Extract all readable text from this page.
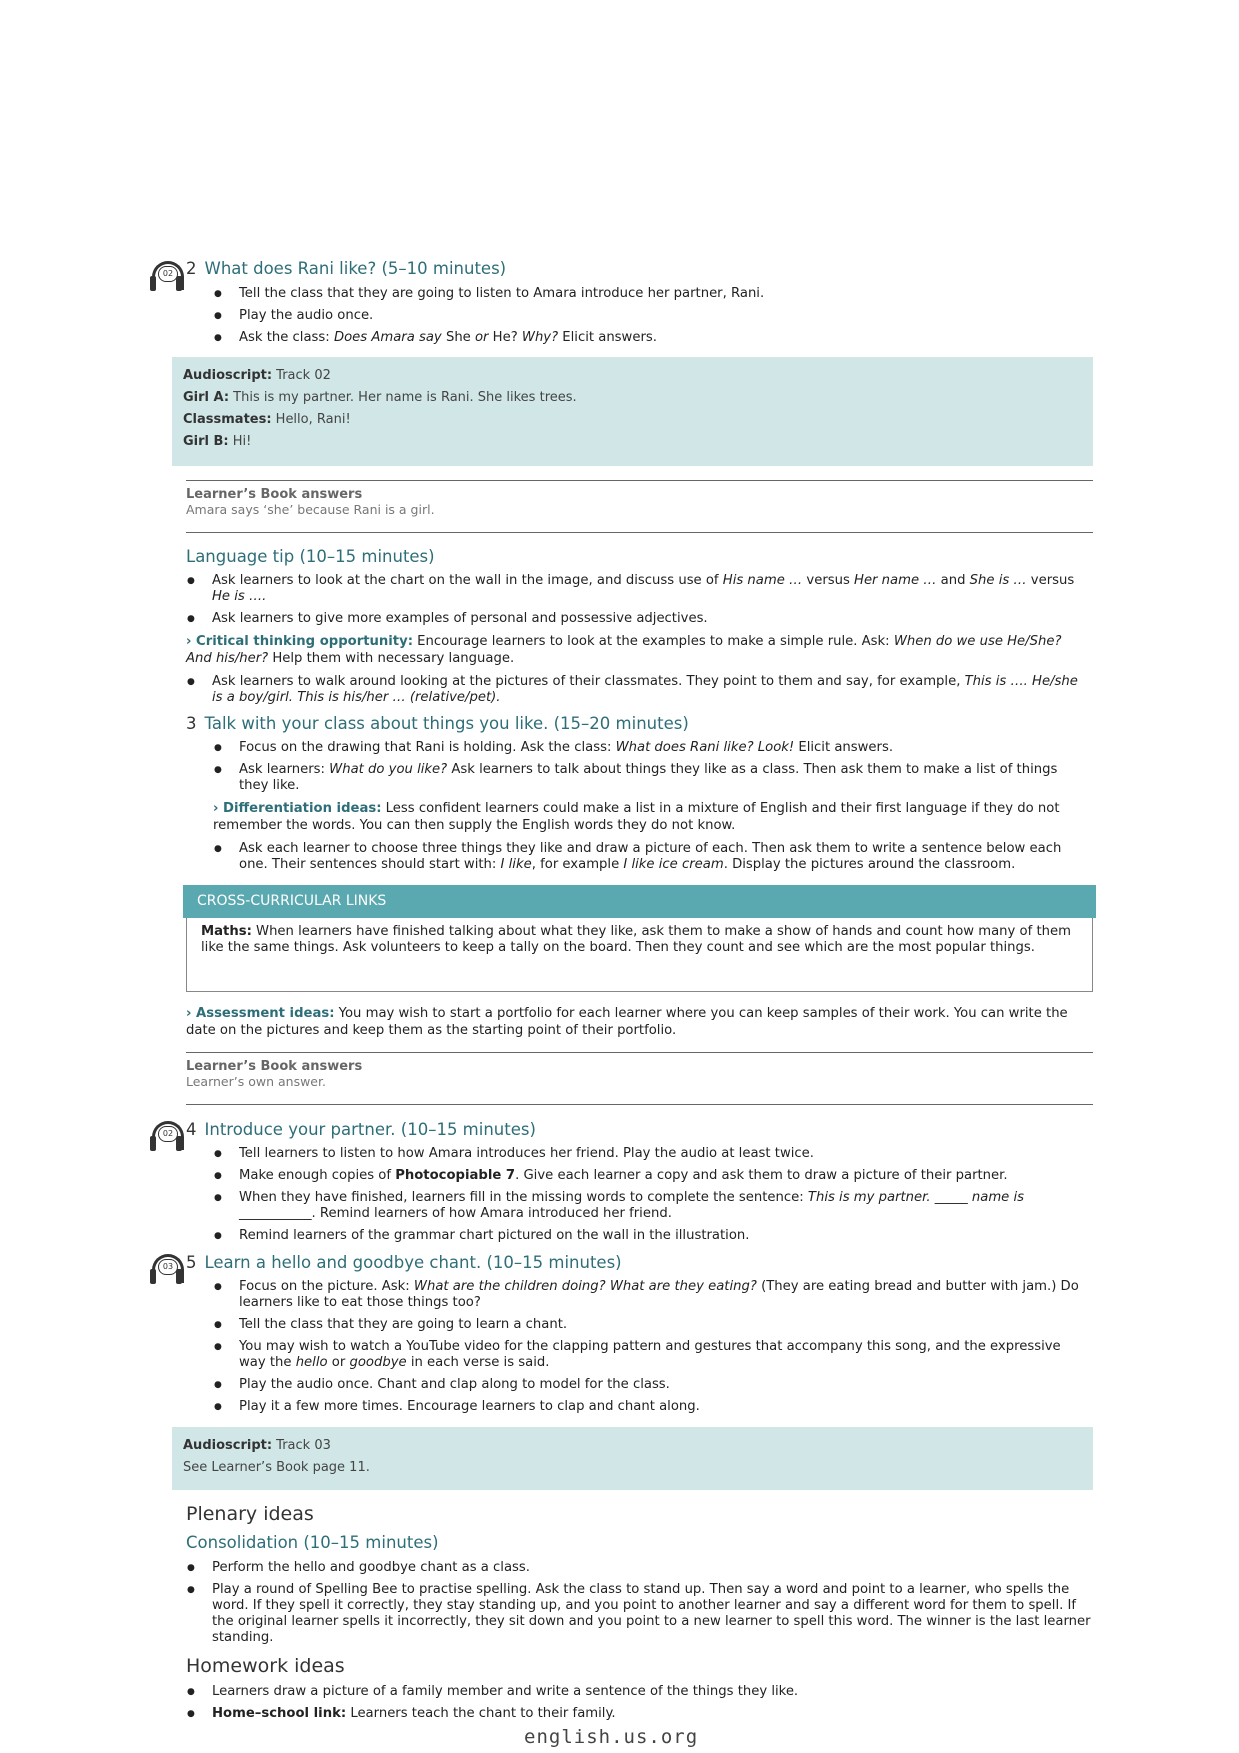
02 2 What does Rani like? (5–10 minutes)
● Tell the class that they are going to listen to Amara introduce her partner, Rani.
● Play the audio once.
● Ask the class: Does Amara say She or He? Why? Elicit answers.
Audioscript: Track 02
Girl A: This is my partner. Her name is Rani. She likes trees.
Classmates: Hello, Rani!
Girl B: Hi!
Learner’s Book answers
Amara says ‘she’ because Rani is a girl.
Language tip (10–15 minutes)
● Ask learners to look at the chart on the wall in the image, and discuss use of His name … versus Her name … and She is … versus He is ….
● Ask learners to give more examples of personal and possessive adjectives.
› Critical thinking opportunity: Encourage learners to look at the examples to make a simple rule. Ask: When do we use He/She? And his/her? Help them with necessary language.
● Ask learners to walk around looking at the pictures of their classmates. They point to them and say, for example, This is …. He/she is a boy/girl. This is his/her … (relative/pet).
3 Talk with your class about things you like. (15–20 minutes)
● Focus on the drawing that Rani is holding. Ask the class: What does Rani like? Look! Elicit answers.
● Ask learners: What do you like? Ask learners to talk about things they like as a class. Then ask them to make a list of things they like.
› Differentiation ideas: Less confident learners could make a list in a mixture of English and their first language if they do not remember the words. You can then supply the English words they do not know.
● Ask each learner to choose three things they like and draw a picture of each. Then ask them to write a sentence below each one. Their sentences should start with: I like, for example I like ice cream. Display the pictures around the classroom.
CROSS-CURRICULAR LINKS
Maths: When learners have finished talking about what they like, ask them to make a show of hands and count how many of them like the same things. Ask volunteers to keep a tally on the board. Then they count and see which are the most popular things.
› Assessment ideas: You may wish to start a portfolio for each learner where you can keep samples of their work. You can write the date on the pictures and keep them as the starting point of their portfolio.
Learner’s Book answers
Learner’s own answer.
02 4 Introduce your partner. (10–15 minutes)
● Tell learners to listen to how Amara introduces her friend. Play the audio at least twice.
● Make enough copies of Photocopiable 7. Give each learner a copy and ask them to draw a picture of their partner.
● When they have finished, learners fill in the missing words to complete the sentence: This is my partner. _____ name is ___________. Remind learners of how Amara introduced her friend.
● Remind learners of the grammar chart pictured on the wall in the illustration.
03 5 Learn a hello and goodbye chant. (10–15 minutes)
● Focus on the picture. Ask: What are the children doing? What are they eating? (They are eating bread and butter with jam.) Do learners like to eat those things too?
● Tell the class that they are going to learn a chant.
● You may wish to watch a YouTube video for the clapping pattern and gestures that accompany this song, and the expressive way the hello or goodbye in each verse is said.
● Play the audio once. Chant and clap along to model for the class.
● Play it a few more times. Encourage learners to clap and chant along.
Audioscript: Track 03
See Learner’s Book page 11.
Plenary ideas
Consolidation (10–15 minutes)
● Perform the hello and goodbye chant as a class.
● Play a round of Spelling Bee to practise spelling. Ask the class to stand up. Then say a word and point to a learner, who spells the word. If they spell it correctly, they stay standing up, and you point to another learner and say a different word for them to spell. If the original learner spells it incorrectly, they sit down and you point to a new learner to spell this word. The winner is the last learner standing.
Homework ideas
● Learners draw a picture of a family member and write a sentence of the things they like.
● Home–school link: Learners teach the chant to their family.
english.us.org
